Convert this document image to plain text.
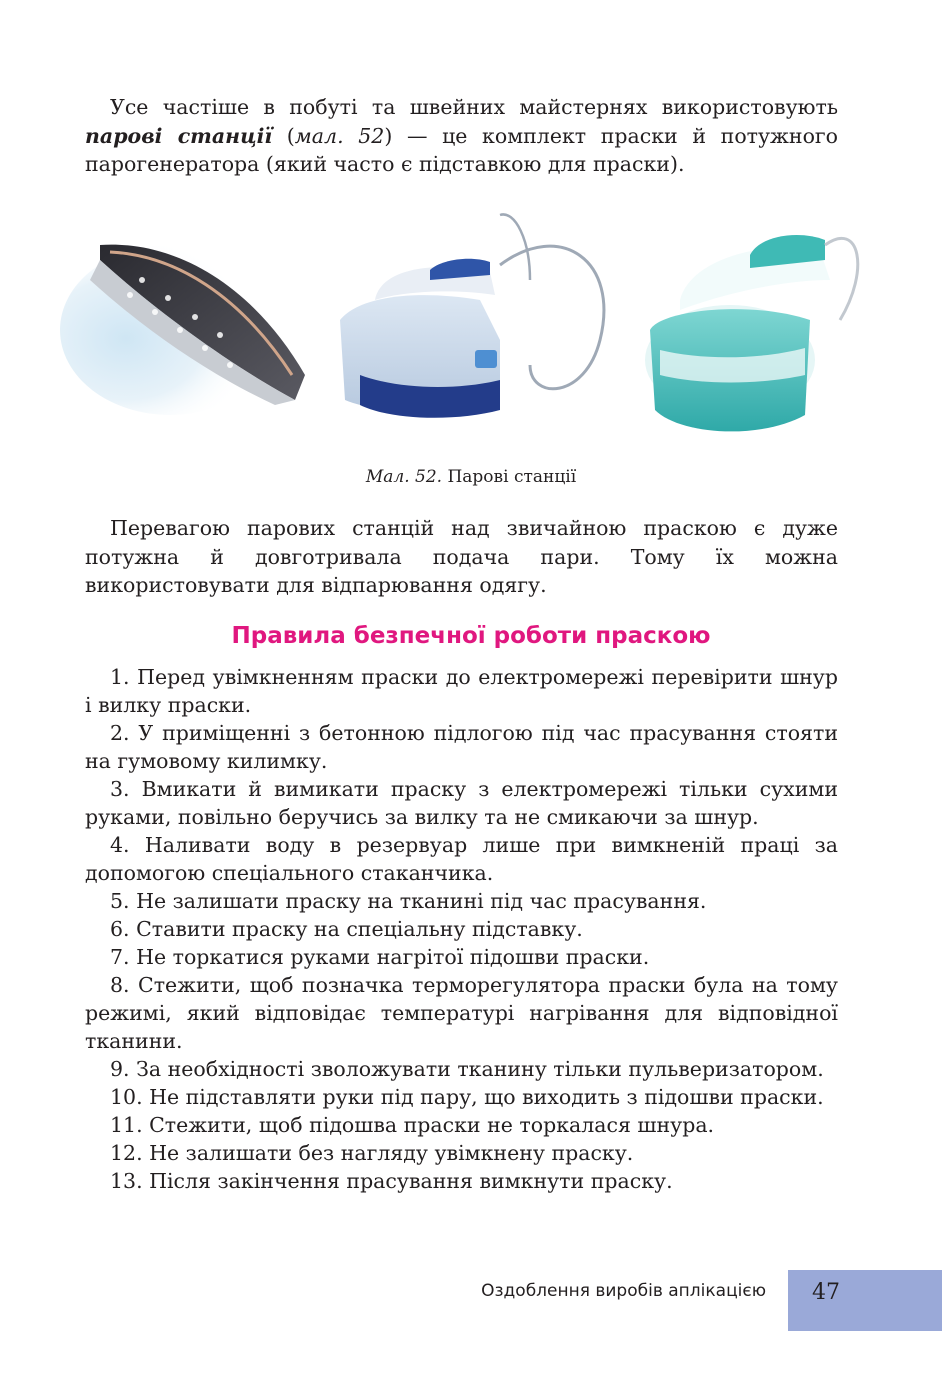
Усе частіше в побуті та швейних майстернях використовують парові станції (мал. 52) — це комплект праски й потужного парогенератора (який часто є підставкою для праски).

Мал. 52. Парові станції

Перевагою парових станцій над звичайною праскою є дуже потужна й довготривала подача пари. Тому їх можна використовувати для відпарювання одягу.

Правила безпечної роботи праскою

1. Перед увімкненням праски до електромережі перевірити шнур і вилку праски.

2. У приміщенні з бетонною підлогою під час прасування стояти на гумовому килимку.

3. Вмикати й вимикати праску з електромережі тільки сухими руками, повільно беручись за вилку та не смикаючи за шнур.

4. Наливати воду в резервуар лише при вимкненій праці за допомогою спеціального стаканчика.

5. Не залишати праску на тканині під час прасування.

6. Ставити праску на спеціальну підставку.

7. Не торкатися руками нагрітої підошви праски.

8. Стежити, щоб позначка терморегулятора праски була на тому режимі, який відповідає температурі нагрівання для відповідної тканини.

9. За необхідності зволожувати тканину тільки пульверизатором.

10. Не підставляти руки під пару, що виходить з підошви праски.

11. Стежити, щоб підошва праски не торкалася шнура.

12. Не залишати без нагляду увімкнену праску.

13. Після закінчення прасування вимкнути праску.

Оздоблення виробів аплікацією	47
